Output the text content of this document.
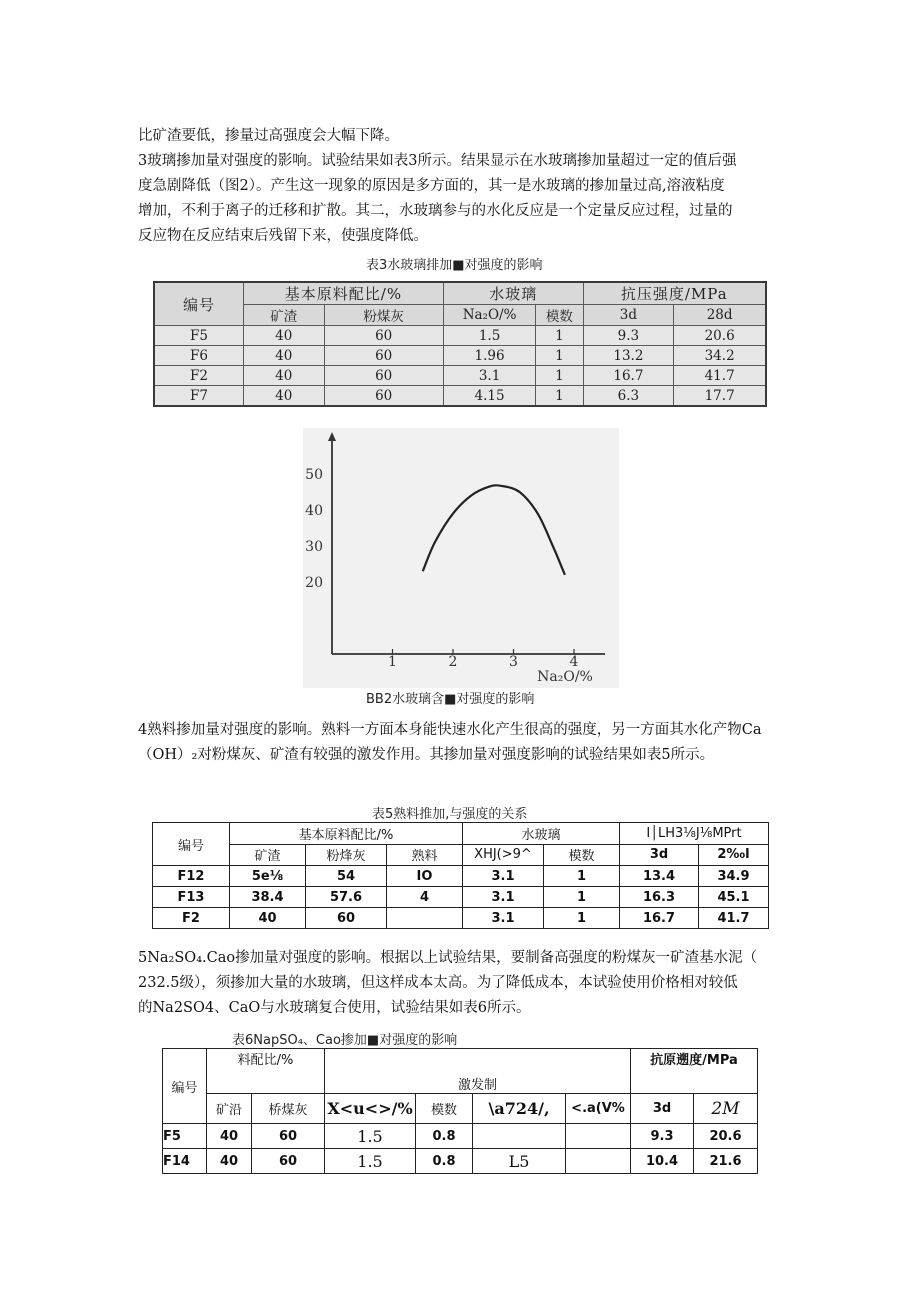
比矿渣要低，掺量过高强度会大幅下降。
3玻璃掺加量对强度的影响。试验结果如表3所示。结果显示在水玻璃掺加量超过一定的值后强
度急剧降低（图2）。产生这一现象的原因是多方面的，其一是水玻璃的掺加量过高,溶液粘度
增加，不利于离子的迁移和扩散。其二，水玻璃参与的水化反应是一个定量反应过程，过量的
反应物在反应结束后残留下来，使强度降低。
表3水玻璃排加■对强度的影响
编号	基本原料配比/%		水玻璃		抗压强度/MPa	
	矿渣	粉煤灰	Na₂O/%	模数	3d	28d
F5	40	60	1.5	1	9.3	20.6
F6	40	60	1.96	1	13.2	34.2
F2	40	60	3.1	1	16.7	41.7
F7	40	60	4.15	1	6.3	17.7
20
30
40
50
1	2	3	4
Na₂O/%
BB2水玻璃含■对强度的影响
4熟料掺加量对强度的影响。熟料一方面本身能快速水化产生很高的强度，另一方面其水化产物Ca
（OH）₂对粉煤灰、矿渣有较强的激发作用。其掺加量对强度影响的试验结果如表5所示。
表5熟料推加,与强度的关系
编号	基本原料配比/%			水玻璃		I│LH3⅛J⅛MPrt	
	矿渣	粉烽灰	熟料	XHJ(>9^	模数	3d	2‰l
F12	5e⅛	54	IO	3.1	1	13.4	34.9
F13	38.4	57.6	4	3.1	1	16.3	45.1
F2	40	60		3.1	1	16.7	41.7
5Na₂SO₄.Cao掺加量对强度的影响。根据以上试验结果，要制备高强度的粉煤灰一矿渣基水泥（
232.5级），须掺加大量的水玻璃，但这样成本太高。为了降低成本，本试验使用价格相对较低
的Na2SO4、CaO与水玻璃复合使用，试验结果如表6所示。
表6NapSO₄、Cao掺加■对强度的影响
编号	料配比/%		激发制				抗原遡度/MPa	
	矿沿	桥煤灰	X<u<>/%	模数	\a724/,	<.a(V%	3d	2M
F5	40	60	1.5	0.8			9.3	20.6
F14	40	60	1.5	0.8	L5		10.4	21.6
